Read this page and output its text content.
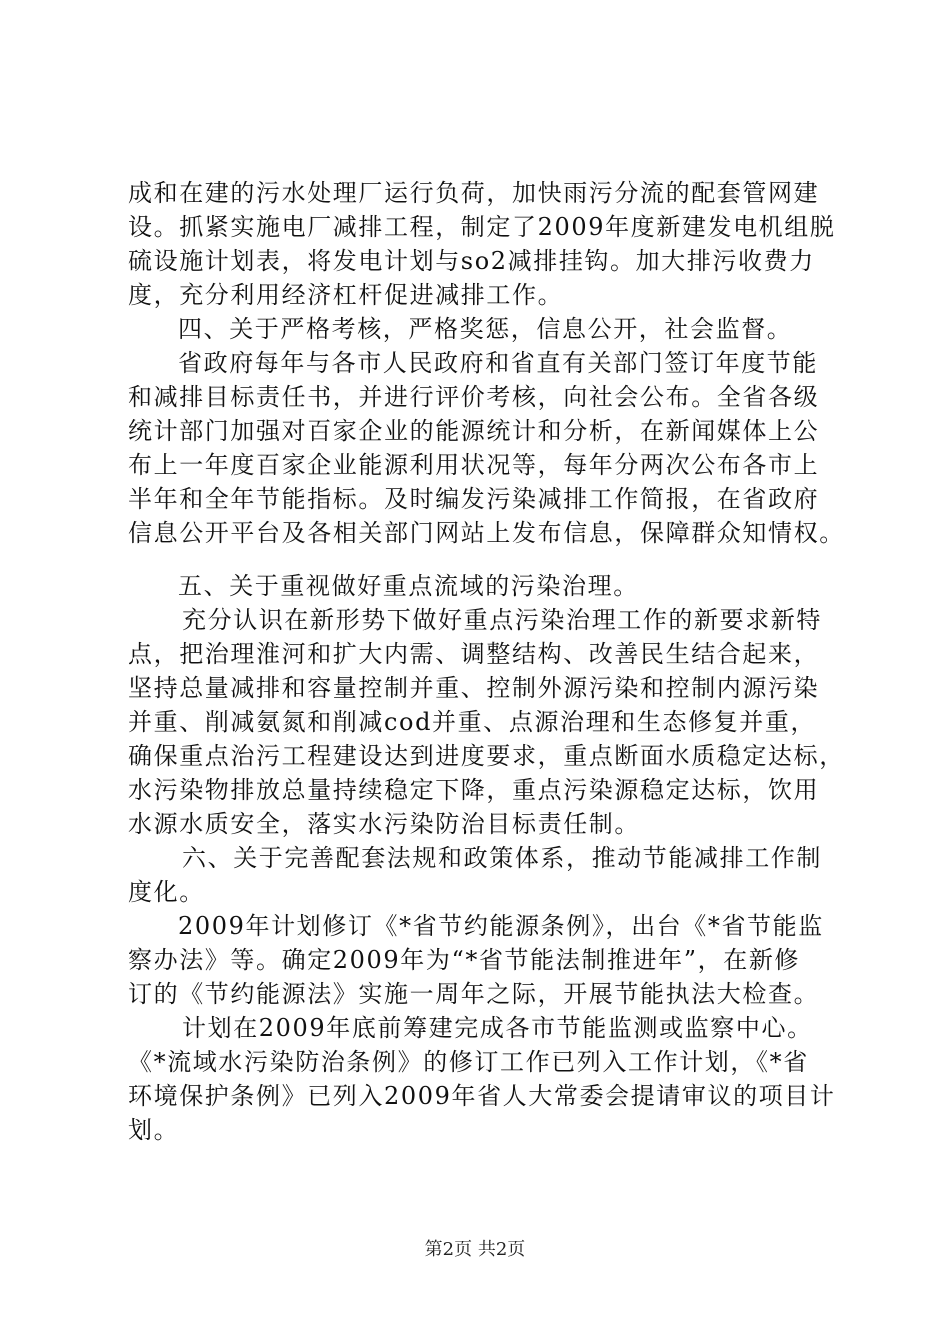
成和在建的污水处理厂运行负荷，加快雨污分流的配套管网建
设。抓紧实施电厂减排工程，制定了2009年度新建发电机组脱
硫设施计划表，将发电计划与so2减排挂钩。加大排污收费力
度，充分利用经济杠杆促进减排工作。
四、关于严格考核，严格奖惩，信息公开，社会监督。
省政府每年与各市人民政府和省直有关部门签订年度节能
和减排目标责任书，并进行评价考核，向社会公布。全省各级
统计部门加强对百家企业的能源统计和分析，在新闻媒体上公
布上一年度百家企业能源利用状况等，每年分两次公布各市上
半年和全年节能指标。及时编发污染减排工作简报，在省政府
信息公开平台及各相关部门网站上发布信息，保障群众知情权。
五、关于重视做好重点流域的污染治理。
充分认识在新形势下做好重点污染治理工作的新要求新特
点，把治理淮河和扩大内需、调整结构、改善民生结合起来，
坚持总量减排和容量控制并重、控制外源污染和控制内源污染
并重、削减氨氮和削减cod并重、点源治理和生态修复并重，
确保重点治污工程建设达到进度要求，重点断面水质稳定达标，
水污染物排放总量持续稳定下降，重点污染源稳定达标，饮用
水源水质安全，落实水污染防治目标责任制。
六、关于完善配套法规和政策体系，推动节能减排工作制
度化。
2009年计划修订《*省节约能源条例》，出台《*省节能监
察办法》等。确定2009年为“*省节能法制推进年”，在新修
订的《节约能源法》实施一周年之际，开展节能执法大检查。
计划在2009年底前筹建完成各市节能监测或监察中心。
《*流域水污染防治条例》的修订工作已列入工作计划，《*省
环境保护条例》已列入2009年省人大常委会提请审议的项目计
划。
第2页 共2页
